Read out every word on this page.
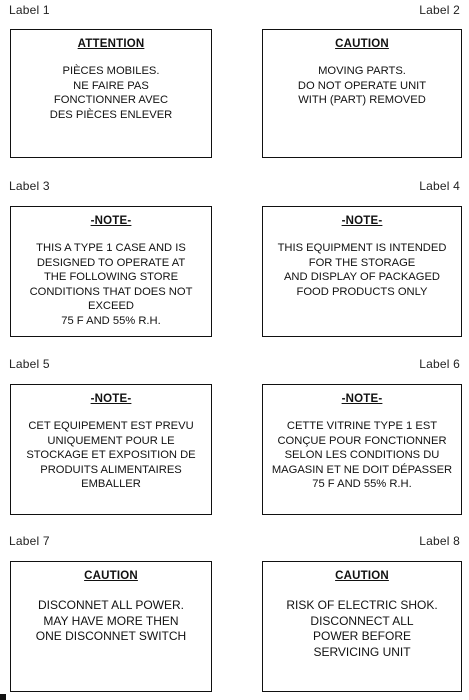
Label 1	Label 2
ATTENTION
PIÈCES MOBILES.
NE FAIRE PAS
FONCTIONNER AVEC
DES PIÈCES ENLEVER
CAUTION
MOVING PARTS.
DO NOT OPERATE UNIT
WITH (PART) REMOVED
Label 3	Label 4
-NOTE-
THIS A TYPE 1 CASE AND IS
DESIGNED TO OPERATE AT
THE FOLLOWING STORE
CONDITIONS THAT DOES NOT
EXCEED
75 F AND 55% R.H.
-NOTE-
THIS EQUIPMENT IS INTENDED
FOR THE STORAGE
AND DISPLAY OF PACKAGED
FOOD PRODUCTS ONLY
Label 5	Label 6
-NOTE-
CET EQUIPEMENT EST PREVU
UNIQUEMENT POUR LE
STOCKAGE ET EXPOSITION DE
PRODUITS ALIMENTAIRES
EMBALLER
-NOTE-
CETTE VITRINE TYPE 1 EST
CONÇUE POUR FONCTIONNER
SELON LES CONDITIONS DU
MAGASIN ET NE DOIT DÉPASSER
75 F AND 55% R.H.
Label 7	Label 8
CAUTION
DISCONNET ALL POWER.
MAY HAVE MORE THEN
ONE DISCONNET SWITCH
CAUTION
RISK OF ELECTRIC SHOK.
DISCONNECT ALL
POWER BEFORE
SERVICING UNIT
